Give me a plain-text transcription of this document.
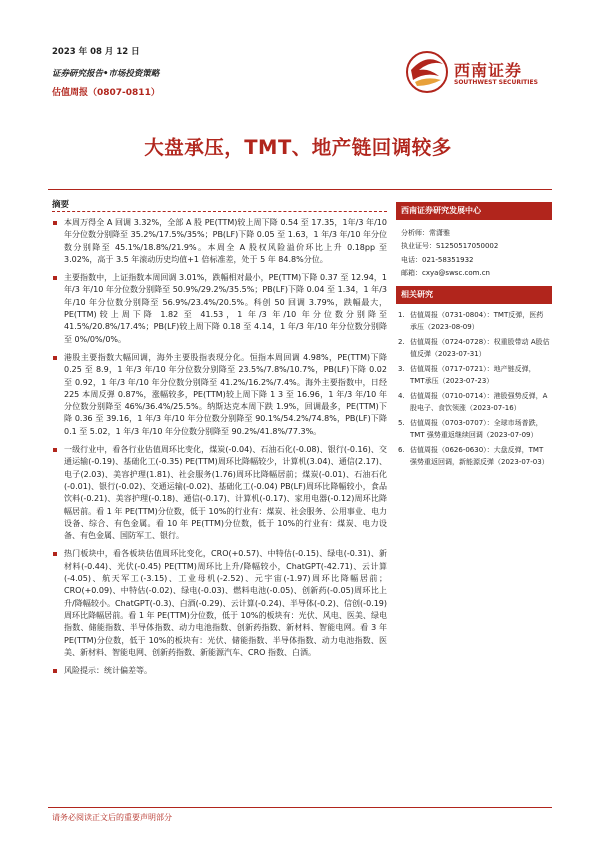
2023 年 08 月 12 日
证券研究报告•市场投资策略
估值周报（0807-0811）
西南证券
SOUTHWEST SECURITIES
大盘承压，TMT、地产链回调较多
摘要
本周万得全 A 回调 3.32%，全部 A 股 PE(TTM)较上周下降 0.54 至 17.35，1年/3 年/10 年分位数分别降至 35.2%/17.5%/35%；PB(LF)下降 0.05 至 1.63，1 年/3 年/10 年分位数分别降至 45.1%/18.8%/21.9%。本周全 A 股权风险溢价环比上升 0.18pp 至 3.02%，高于 3.5 年滚动历史均值+1 倍标准差，处于 5 年 84.8%分位。
主要指数中，上证指数本周回调 3.01%，跌幅相对最小，PE(TTM)下降 0.37 至 12.94，1 年/3 年/10 年分位数分别降至 50.9%/29.2%/35.5%；PB(LF)下降 0.04 至 1.34，1 年/3 年/10 年分位数分别降至 56.9%/23.4%/20.5%。科创 50 回调 3.79%，跌幅最大，PE(TTM)较上周下降 1.82 至 41.53，1 年/3 年/10 年分位数分别降至 41.5%/20.8%/17.4%；PB(LF)较上周下降 0.18 至 4.14，1 年/3 年/10 年分位数分别降至 0%/0%/0%。
港股主要指数大幅回调，海外主要股指表现分化。恒指本周回调 4.98%，PE(TTM)下降 0.25 至 8.9，1 年/3 年/10 年分位数分别降至 23.5%/7.8%/10.7%，PB(LF)下降 0.02 至 0.92，1 年/3 年/10 年分位数分别降至 41.2%/16.2%/7.4%。海外主要指数中，日经 225 本周反弹 0.87%，涨幅较多，PE(TTM)较上周下降 1 3 至 16.96，1 年/3 年/10 年分位数分别降至 46%/36.4%/25.5%。纳斯达克本周下跌 1.9%，回调最多，PE(TTM)下降 0.36 至 39.16，1 年/3 年/10 年分位数分别降至 90.1%/54.2%/74.8%，PB(LF)下降 0.1 至 5.02，1 年/3 年/10 年分位数分别降至 90.2%/41.8%/77.3%。
一级行业中，看各行业估值周环比变化，煤炭(-0.04)、石油石化(-0.08)、银行(-0.16)、交通运输(-0.19)、基础化工(-0.35) PE(TTM)周环比降幅较少，计算机(3.04)、通信(2.17)、电子(2.03)、美容护理(1.81)、社会服务(1.76)周环比降幅居前；煤炭(-0.01)、石油石化(-0.01)、银行(-0.02)、交通运输(-0.02)、基础化工(-0.04) PB(LF)周环比降幅较小，食品饮料(-0.21)、美容护理(-0.18)、通信(-0.17)、计算机(-0.17)、家用电器(-0.12)周环比降幅居前。看 1 年 PE(TTM)分位数，低于 10%的行业有：煤炭、社会服务、公用事业、电力设备、综合、有色金属。看 10 年 PE(TTM)分位数，低于 10%的行业有：煤炭、电力设备、有色金属、国防军工、银行。
热门板块中，看各板块估值周环比变化，CRO(+0.57)、中特估(-0.15)、绿电(-0.31)、新材料(-0.44)、光伏(-0.45) PE(TTM)周环比上升/降幅较小，ChatGPT(-42.71)、云计算(-4.05)、航天军工(-3.15)、工业母机(-2.52)、元宇宙(-1.97)周环比降幅居前；CRO(+0.09)、中特估(-0.02)、绿电(-0.03)、燃料电池(-0.05)、创新药(-0.05)周环比上升/降幅较小。ChatGPT(-0.3)、白酒(-0.29)、云计算(-0.24)、半导体(-0.2)、信创(-0.19)周环比降幅居前。看 1 年 PE(TTM)分位数，低于 10%的板块有：光伏、风电、医美、绿电指数、储能指数、半导体指数、动力电池指数、创新药指数、新材料、智能电网。看 3 年 PE(TTM)分位数，低于 10%的板块有：光伏、储能指数、半导体指数、动力电池指数、医美、新材料、智能电网、创新药指数、新能源汽车、CRO 指数、白酒。
风险提示：统计偏差等。
西南证券研究发展中心
分析师：常潇雅
执业证号：S1250517050002
电话：021-58351932
邮箱：cxya@swsc.com.cn
相关研究
1. 估值周报（0731-0804）：TMT反弹，医药承压（2023-08-09）
2. 估值周报（0724-0728）：权重股带动 A股估值反弹（2023-07-31）
3. 估值周报（0717-0721）：地产链反弹，TMT承压（2023-07-23）
4. 估值周报（0710-0714）：港股强势反弹，A股电子、食饮领涨（2023-07-16）
5. 估值周报（0703-0707）：全球市场普跌，TMT 强势重返继续回调（2023-07-09）
6. 估值周报（0626-0630）：大盘反弹，TMT 强势重返回调，新能源反弹（2023-07-03）
请务必阅读正文后的重要声明部分
